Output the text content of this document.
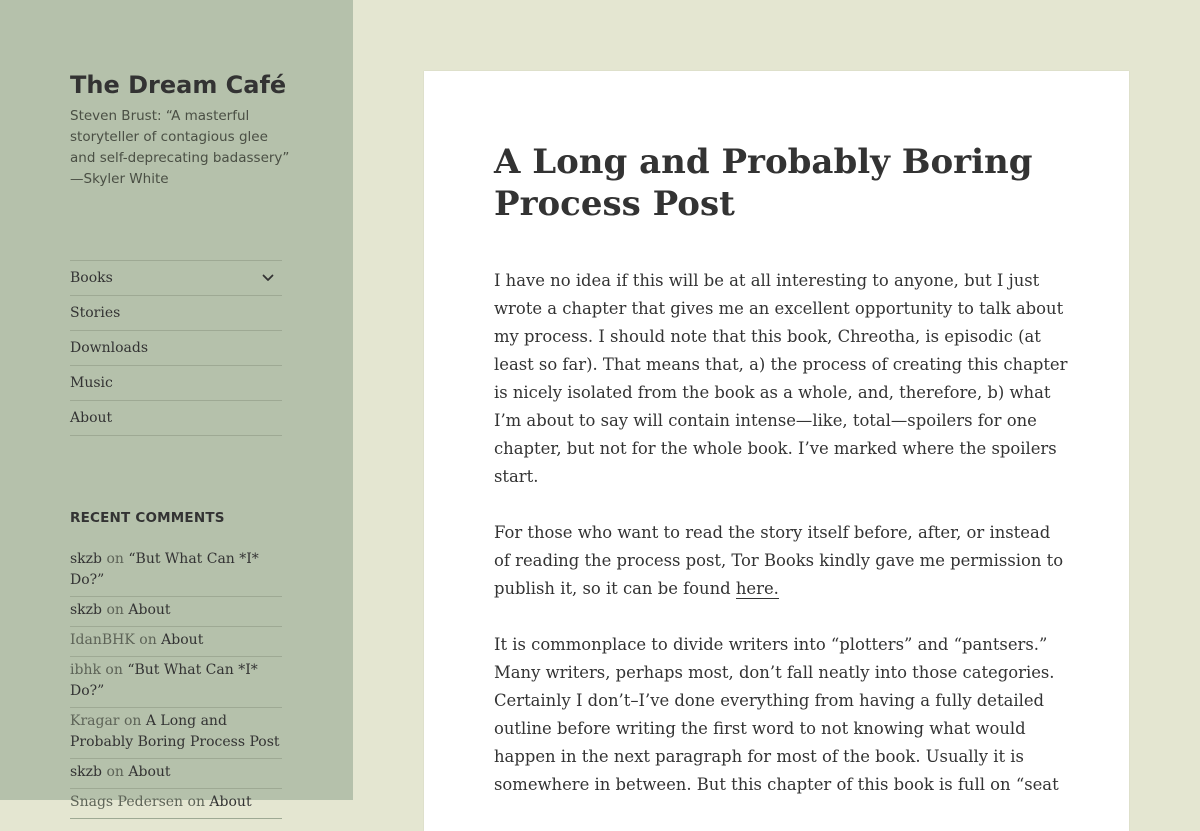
The Dream Café
Steven Brust: “A masterful storyteller of contagious glee and self-deprecating badassery” —Skyler White
Books
Stories
Downloads
Music
About
RECENT COMMENTS
skzb on “But What Can *I* Do?”
skzb on About
IdanBHK on About
ibhk on “But What Can *I* Do?”
Kragar on A Long and Probably Boring Process Post
skzb on About
Snags Pedersen on About
A Long and Probably Boring Process Post

I have no idea if this will be at all interesting to anyone, but I just wrote a chapter that gives me an excellent opportunity to talk about my process. I should note that this book, Chreotha, is episodic (at least so far). That means that, a) the process of creating this chapter is nicely isolated from the book as a whole, and, therefore, b) what I’m about to say will contain intense—like, total—spoilers for one chapter, but not for the whole book. I’ve marked where the spoilers start.

For those who want to read the story itself before, after, or instead of reading the process post, Tor Books kindly gave me permission to publish it, so it can be found here.

It is commonplace to divide writers into “plotters” and “pantsers.” Many writers, perhaps most, don’t fall neatly into those categories. Certainly I don’t–I’ve done everything from having a fully detailed outline before writing the first word to not knowing what would happen in the next paragraph for most of the book. Usually it is somewhere in between. But this chapter of this book is full on “seat
